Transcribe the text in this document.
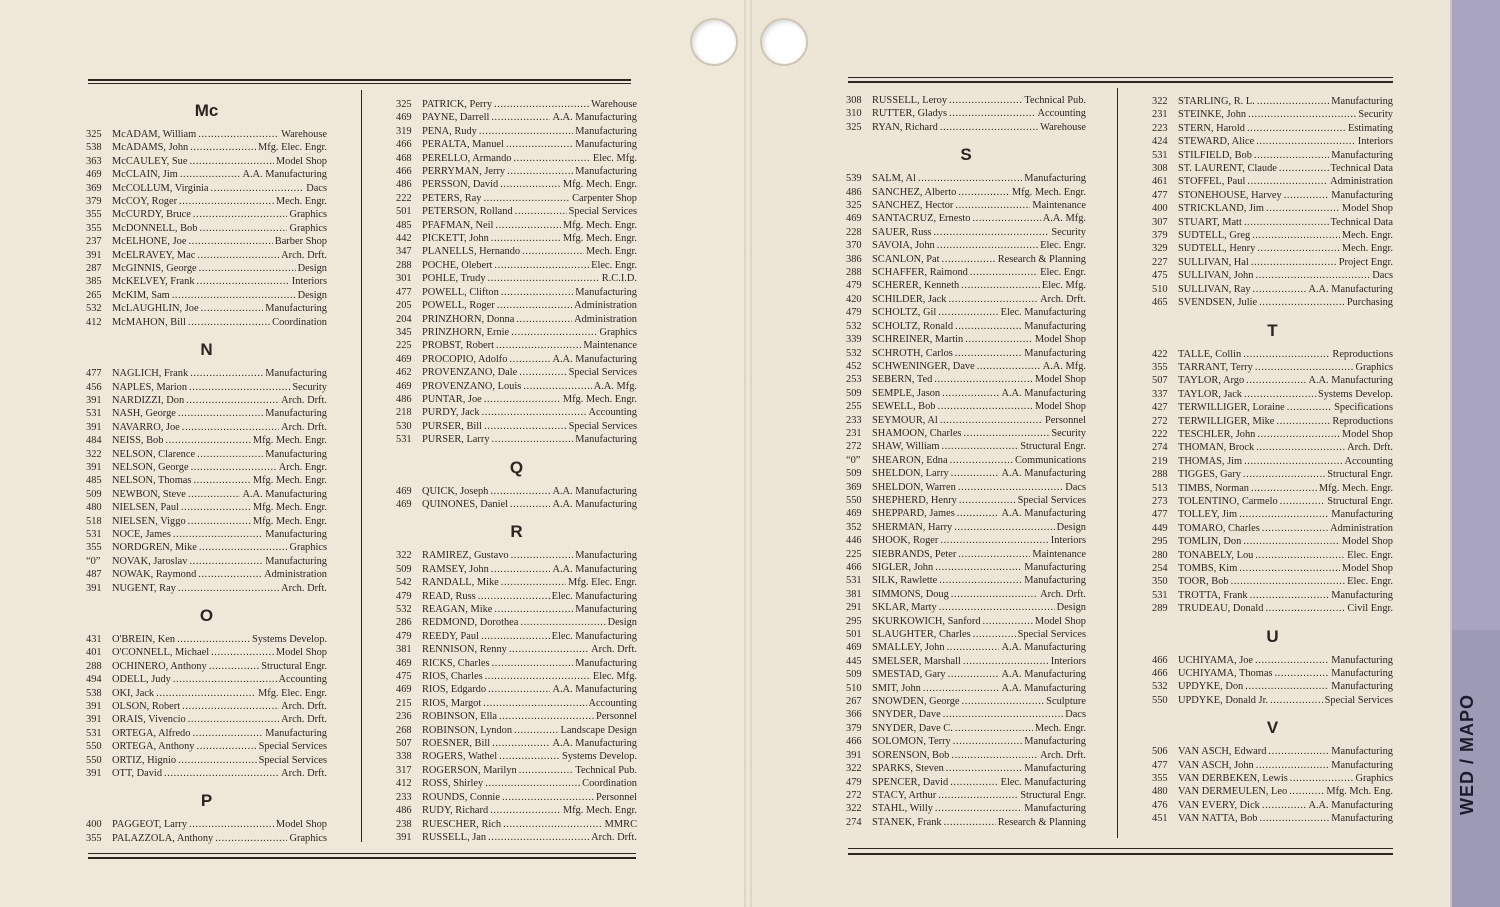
WED / MAPO
Mc
325	McADAM, William . . .	Warehouse
538	McADAMS, John . . .	Mfg. Elec. Engr.
363	McCAULEY, Sue . . .	Model Shop
469	McCLAIN, Jim . . .	A.A. Manufacturing
369	McCOLLUM, Virginia . . .	Dacs
379	McCOY, Roger . . .	Mech. Engr.
355	McCURDY, Bruce . . .	Graphics
355	McDONNELL, Bob . . .	Graphics
237	McELHONE, Joe . . .	Barber Shop
391	McELRAVEY, Mac . . .	Arch. Drft.
287	McGINNIS, George . . .	Design
385	McKELVEY, Frank . . .	Interiors
265	McKIM, Sam . . .	Design
532	McLAUGHLIN, Joe . . .	Manufacturing
412	McMAHON, Bill . . .	Coordination
N
477	NAGLICH, Frank . . .	Manufacturing
456	NAPLES, Marion . . .	Security
391	NARDIZZI, Don . . .	Arch. Drft.
531	NASH, George . . .	Manufacturing
391	NAVARRO, Joe . . .	Arch. Drft.
484	NEISS, Bob . . .	Mfg. Mech. Engr.
322	NELSON, Clarence . . .	Manufacturing
391	NELSON, George . . .	Arch. Engr.
485	NELSON, Thomas . . .	Mfg. Mech. Engr.
509	NEWBON, Steve . . .	A.A. Manufacturing
480	NIELSEN, Paul . . .	Mfg. Mech. Engr.
518	NIELSEN, Viggo . . .	Mfg. Mech. Engr.
531	NOCE, James . . .	Manufacturing
355	NORDGREN, Mike . . .	Graphics
“0”	NOVAK, Jaroslav . . .	Manufacturing
487	NOWAK, Raymond . . .	Administration
391	NUGENT, Ray . . .	Arch. Drft.
O
431	O'BREIN, Ken . . .	Systems Develop.
401	O'CONNELL, Michael . . .	Model Shop
288	OCHINERO, Anthony . . .	Structural Engr.
494	ODELL, Judy . . .	Accounting
538	OKI, Jack . . .	Mfg. Elec. Engr.
391	OLSON, Robert . . .	Arch. Drft.
391	ORAIS, Vivencio . . .	Arch. Drft.
531	ORTEGA, Alfredo . . .	Manufacturing
550	ORTEGA, Anthony . . .	Special Services
550	ORTIZ, Hignio . . .	Special Services
391	OTT, David . . .	Arch. Drft.
P
400	PAGGEOT, Larry . . .	Model Shop
355	PALAZZOLA, Anthony . . .	Graphics
325	PATRICK, Perry . . .	Warehouse
469	PAYNE, Darrell . . .	A.A. Manufacturing
319	PENA, Rudy . . .	Manufacturing
466	PERALTA, Manuel . . .	Manufacturing
468	PERELLO, Armando . . .	Elec. Mfg.
466	PERRYMAN, Jerry . . .	Manufacturing
486	PERSSON, David . . .	Mfg. Mech. Engr.
222	PETERS, Ray . . .	Carpenter Shop
501	PETERSON, Rolland . . .	Special Services
485	PFAFMAN, Neil . . .	Mfg. Mech. Engr.
442	PICKETT, John . . .	Mfg. Mech. Engr.
347	PLANELLS, Hernando . . .	Mech. Engr.
288	POCHE, Olebert . . .	Elec. Engr.
301	POHLE, Trudy . . .	R.C.I.D.
477	POWELL, Clifton . . .	Manufacturing
205	POWELL, Roger . . .	Administration
204	PRINZHORN, Donna . . .	Administration
345	PRINZHORN, Ernie . . .	Graphics
225	PROBST, Robert . . .	Maintenance
469	PROCOPIO, Adolfo . . .	A.A. Manufacturing
462	PROVENZANO, Dale . . .	Special Services
469	PROVENZANO, Louis . . .	A.A. Mfg.
486	PUNTAR, Joe . . .	Mfg. Mech. Engr.
218	PURDY, Jack . . .	Accounting
530	PURSER, Bill . . .	Special Services
531	PURSER, Larry . . .	Manufacturing
Q
469	QUICK, Joseph . . .	A.A. Manufacturing
469	QUINONES, Daniel . . .	A.A. Manufacturing
R
322	RAMIREZ, Gustavo . . .	Manufacturing
509	RAMSEY, John . . .	A.A. Manufacturing
542	RANDALL, Mike . . .	Mfg. Elec. Engr.
479	READ, Russ . . .	Elec. Manufacturing
532	REAGAN, Mike . . .	Manufacturing
286	REDMOND, Dorothea . . .	Design
479	REEDY, Paul . . .	Elec. Manufacturing
381	RENNISON, Renny . . .	Arch. Drft.
469	RICKS, Charles . . .	Manufacturing
475	RIOS, Charles . . .	Elec. Mfg.
469	RIOS, Edgardo . . .	A.A. Manufacturing
215	RIOS, Margot . . .	Accounting
236	ROBINSON, Ella . . .	Personnel
268	ROBINSON, Lyndon . . .	Landscape Design
507	ROESNER, Bill . . .	A.A. Manufacturing
338	ROGERS, Wathel . . .	Systems Develop.
317	ROGERSON, Marilyn . . .	Technical Pub.
412	ROSS, Shirley . . .	Coordination
233	ROUNDS, Connie . . .	Personnel
486	RUDY, Richard . . .	Mfg. Mech. Engr.
238	RUESCHER, Rich . . .	MMRC
391	RUSSELL, Jan . . .	Arch. Drft.
308	RUSSELL, Leroy . . .	Technical Pub.
310	RUTTER, Gladys . . .	Accounting
325	RYAN, Richard . . .	Warehouse
S
539	SALM, Al . . .	Manufacturing
486	SANCHEZ, Alberto . . .	Mfg. Mech. Engr.
325	SANCHEZ, Hector . . .	Maintenance
469	SANTACRUZ, Ernesto . . .	A.A. Mfg.
228	SAUER, Russ . . .	Security
370	SAVOIA, John . . .	Elec. Engr.
386	SCANLON, Pat . . .	Research & Planning
288	SCHAFFER, Raimond . . .	Elec. Engr.
479	SCHERER, Kenneth . . .	Elec. Mfg.
420	SCHILDER, Jack . . .	Arch. Drft.
479	SCHOLTZ, Gil . . .	Elec. Manufacturing
532	SCHOLTZ, Ronald . . .	Manufacturing
339	SCHREINER, Martin . . .	Model Shop
532	SCHROTH, Carlos . . .	Manufacturing
452	SCHWENINGER, Dave . . .	A.A. Mfg.
253	SEBERN, Ted . . .	Model Shop
509	SEMPLE, Jason . . .	A.A. Manufacturing
255	SEWELL, Bob . . .	Model Shop
233	SEYMOUR, Al . . .	Personnel
231	SHAMOON, Charles . . .	Security
272	SHAW, William . . .	Structural Engr.
“0”	SHEARON, Edna . . .	Communications
509	SHELDON, Larry . . .	A.A. Manufacturing
369	SHELDON, Warren . . .	Dacs
550	SHEPHERD, Henry . . .	Special Services
469	SHEPPARD, James . . .	A.A. Manufacturing
352	SHERMAN, Harry . . .	Design
446	SHOOK, Roger . . .	Interiors
225	SIEBRANDS, Peter . . .	Maintenance
466	SIGLER, John . . .	Manufacturing
531	SILK, Rawlette . . .	Manufacturing
381	SIMMONS, Doug . . .	Arch. Drft.
291	SKLAR, Marty . . .	Design
295	SKURKOWICH, Sanford . . .	Model Shop
501	SLAUGHTER, Charles . . .	Special Services
469	SMALLEY, John . . .	A.A. Manufacturing
445	SMELSER, Marshall . . .	Interiors
509	SMESTAD, Gary . . .	A.A. Manufacturing
510	SMIT, John . . .	A.A. Manufacturing
267	SNOWDEN, George . . .	Sculpture
366	SNYDER, Dave . . .	Dacs
379	SNYDER, Dave C. . . .	Mech. Engr.
466	SOLOMON, Terry . . .	Manufacturing
391	SORENSON, Bob . . .	Arch. Drft.
322	SPARKS, Steven . . .	Manufacturing
479	SPENCER, David . . .	Elec. Manufacturing
272	STACY, Arthur . . .	Structural Engr.
322	STAHL, Willy . . .	Manufacturing
274	STANEK, Frank . . .	Research & Planning
322	STARLING, R. L. . . .	Manufacturing
231	STEINKE, John . . .	Security
223	STERN, Harold . . .	Estimating
424	STEWARD, Alice . . .	Interiors
531	STILFIELD, Bob . . .	Manufacturing
308	ST. LAURENT, Claude . . .	Technical Data
461	STOFFEL, Paul . . .	Administration
477	STONEHOUSE, Harvey . . .	Manufacturing
400	STRICKLAND, Jim . . .	Model Shop
307	STUART, Matt . . .	Technical Data
379	SUDTELL, Greg . . .	Mech. Engr.
329	SUDTELL, Henry . . .	Mech. Engr.
227	SULLIVAN, Hal . . .	Project Engr.
475	SULLIVAN, John . . .	Dacs
510	SULLIVAN, Ray . . .	A.A. Manufacturing
465	SVENDSEN, Julie . . .	Purchasing
T
422	TALLE, Collin . . .	Reproductions
355	TARRANT, Terry . . .	Graphics
507	TAYLOR, Argo . . .	A.A. Manufacturing
337	TAYLOR, Jack . . .	Systems Develop.
427	TERWILLIGER, Loraine . . .	Specifications
272	TERWILLIGER, Mike . . .	Reproductions
222	TESCHLER, John . . .	Model Shop
274	THOMAN, Brock . . .	Arch. Drft.
219	THOMAS, Jim . . .	Accounting
288	TIGGES, Gary . . .	Structural Engr.
513	TIMBS, Norman . . .	Mfg. Mech. Engr.
273	TOLENTINO, Carmelo . . .	Structural Engr.
477	TOLLEY, Jim . . .	Manufacturing
449	TOMARO, Charles . . .	Administration
295	TOMLIN, Don . . .	Model Shop
280	TONABELY, Lou . . .	Elec. Engr.
254	TOMBS, Kim . . .	Model Shop
350	TOOR, Bob . . .	Elec. Engr.
531	TROTTA, Frank . . .	Manufacturing
289	TRUDEAU, Donald . . .	Civil Engr.
U
466	UCHIYAMA, Joe . . .	Manufacturing
466	UCHIYAMA, Thomas . . .	Manufacturing
532	UPDYKE, Don . . .	Manufacturing
550	UPDYKE, Donald Jr. . . .	Special Services
V
506	VAN ASCH, Edward . . .	Manufacturing
477	VAN ASCH, John . . .	Manufacturing
355	VAN DERBEKEN, Lewis . . .	Graphics
480	VAN DERMEULEN, Leo . . .	Mfg. Mch. Eng.
476	VAN EVERY, Dick . . .	A.A. Manufacturing
451	VAN NATTA, Bob . . .	Manufacturing
